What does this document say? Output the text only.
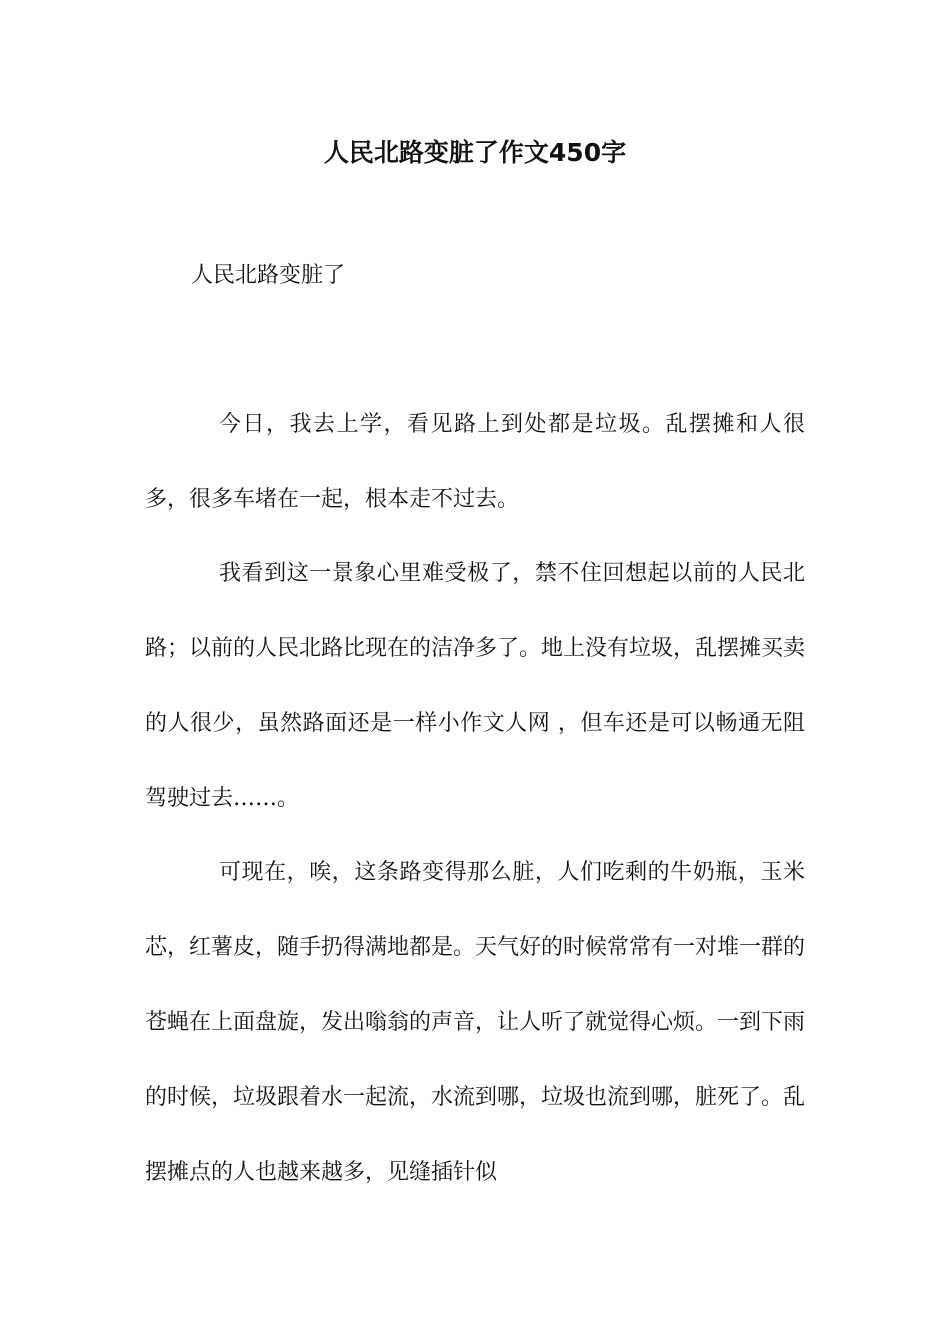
人民北路变脏了作文450字
人民北路变脏了

今日，我去上学，看见路上到处都是垃圾。乱摆摊和人很多，很多车堵在一起，根本走不过去。

我看到这一景象心里难受极了，禁不住回想起以前的人民北路；以前的人民北路比现在的洁净多了。地上没有垃圾，乱摆摊买卖的人很少，虽然路面还是一样小作文人网 ，但车还是可以畅通无阻驾驶过去……。

可现在，唉，这条路变得那么脏，人们吃剩的牛奶瓶，玉米芯，红薯皮，随手扔得满地都是。天气好的时候常常有一对堆一群的苍蝇在上面盘旋，发出嗡翁的声音，让人听了就觉得心烦。一到下雨的时候，垃圾跟着水一起流，水流到哪，垃圾也流到哪，脏死了。乱摆摊点的人也越来越多，见缝插针似
